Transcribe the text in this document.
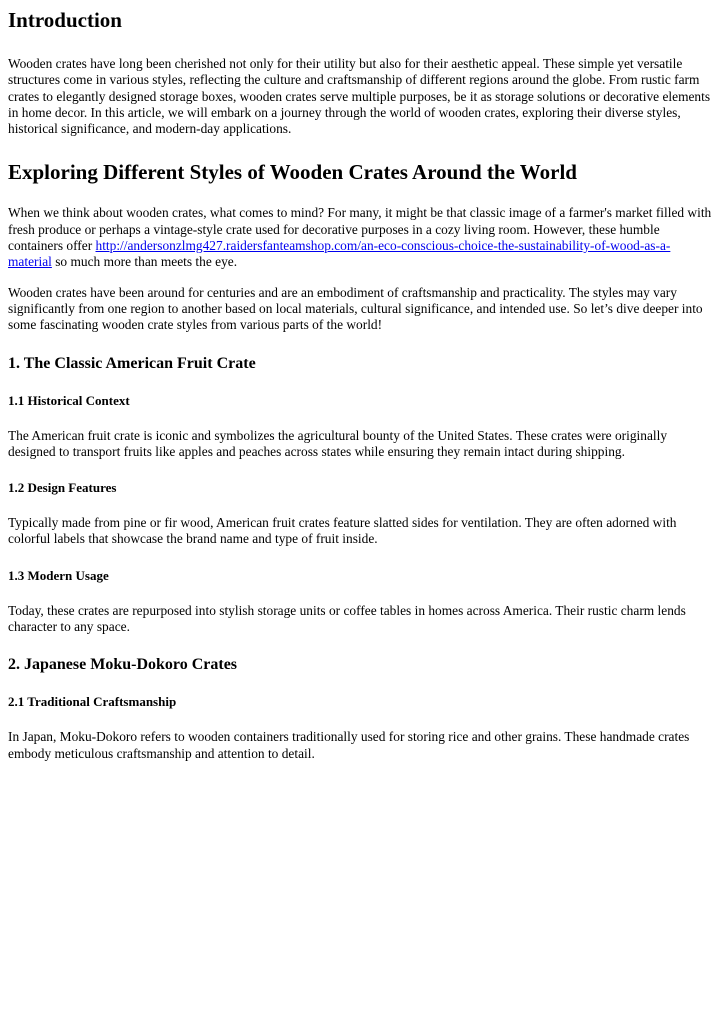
Introduction

Wooden crates have long been cherished not only for their utility but also for their aesthetic appeal. These simple yet versatile structures come in various styles, reflecting the culture and craftsmanship of different regions around the globe. From rustic farm crates to elegantly designed storage boxes, wooden crates serve multiple purposes, be it as storage solutions or decorative elements in home decor. In this article, we will embark on a journey through the world of wooden crates, exploring their diverse styles, historical significance, and modern-day applications.

Exploring Different Styles of Wooden Crates Around the World

When we think about wooden crates, what comes to mind? For many, it might be that classic image of a farmer's market filled with fresh produce or perhaps a vintage-style crate used for decorative purposes in a cozy living room. However, these humble containers offer http://andersonzlmg427.raidersfanteamshop.com/an-eco-conscious-choice-the-sustainability-of-wood-as-a-material so much more than meets the eye.

Wooden crates have been around for centuries and are an embodiment of craftsmanship and practicality. The styles may vary significantly from one region to another based on local materials, cultural significance, and intended use. So let’s dive deeper into some fascinating wooden crate styles from various parts of the world!

1. The Classic American Fruit Crate
1.1 Historical Context

The American fruit crate is iconic and symbolizes the agricultural bounty of the United States. These crates were originally designed to transport fruits like apples and peaches across states while ensuring they remain intact during shipping.

1.2 Design Features

Typically made from pine or fir wood, American fruit crates feature slatted sides for ventilation. They are often adorned with colorful labels that showcase the brand name and type of fruit inside.

1.3 Modern Usage

Today, these crates are repurposed into stylish storage units or coffee tables in homes across America. Their rustic charm lends character to any space.

2. Japanese Moku-Dokoro Crates
2.1 Traditional Craftsmanship

In Japan, Moku-Dokoro refers to wooden containers traditionally used for storing rice and other grains. These handmade crates embody meticulous craftsmanship and attention to detail.
